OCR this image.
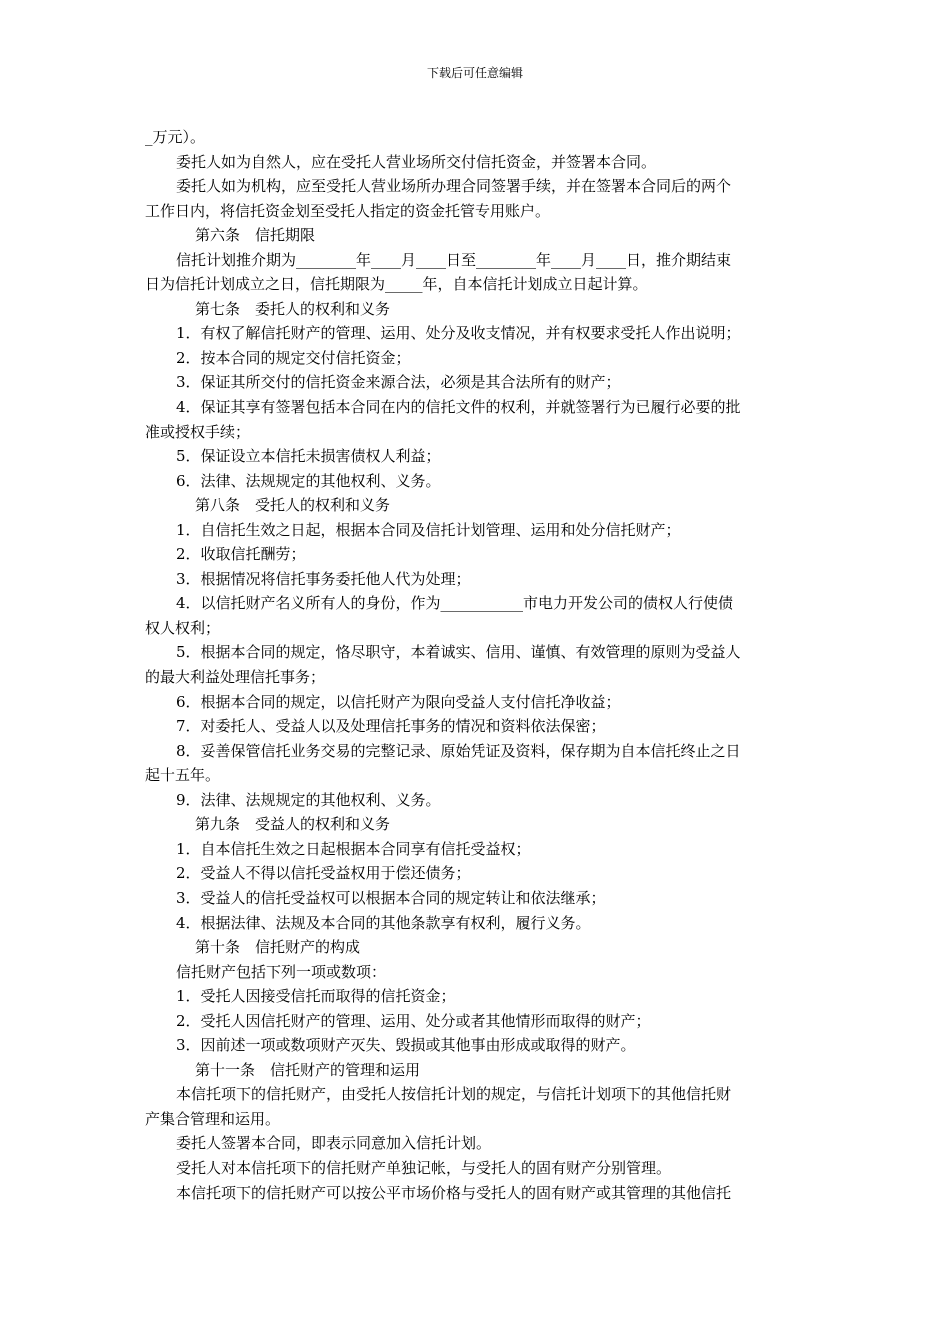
下载后可任意编辑
_万元）。
委托人如为自然人，应在受托人营业场所交付信托资金，并签署本合同。
委托人如为机构，应至受托人营业场所办理合同签署手续，并在签署本合同后的两个
工作日内，将信托资金划至受托人指定的资金托管专用账户。
第六条　信托期限
信托计划推介期为________年____月____日至________年____月____日，推介期结束
日为信托计划成立之日，信托期限为_____年，自本信托计划成立日起计算。
第七条　委托人的权利和义务
1．有权了解信托财产的管理、运用、处分及收支情况，并有权要求受托人作出说明；
2．按本合同的规定交付信托资金；
3．保证其所交付的信托资金来源合法，必须是其合法所有的财产；
4．保证其享有签署包括本合同在内的信托文件的权利，并就签署行为已履行必要的批
准或授权手续；
5．保证设立本信托未损害债权人利益；
6．法律、法规规定的其他权利、义务。
第八条　受托人的权利和义务
1．自信托生效之日起，根据本合同及信托计划管理、运用和处分信托财产；
2．收取信托酬劳；
3．根据情况将信托事务委托他人代为处理；
4．以信托财产名义所有人的身份，作为___________市电力开发公司的债权人行使债
权人权利；
5．根据本合同的规定，恪尽职守，本着诚实、信用、谨慎、有效管理的原则为受益人
的最大利益处理信托事务；
6．根据本合同的规定，以信托财产为限向受益人支付信托净收益；
7．对委托人、受益人以及处理信托事务的情况和资料依法保密；
8．妥善保管信托业务交易的完整记录、原始凭证及资料，保存期为自本信托终止之日
起十五年。
9．法律、法规规定的其他权利、义务。
第九条　受益人的权利和义务
1．自本信托生效之日起根据本合同享有信托受益权；
2．受益人不得以信托受益权用于偿还债务；
3．受益人的信托受益权可以根据本合同的规定转让和依法继承；
4．根据法律、法规及本合同的其他条款享有权利，履行义务。
第十条　信托财产的构成
信托财产包括下列一项或数项：
1．受托人因接受信托而取得的信托资金；
2．受托人因信托财产的管理、运用、处分或者其他情形而取得的财产；
3．因前述一项或数项财产灭失、毁损或其他事由形成或取得的财产。
第十一条　信托财产的管理和运用
本信托项下的信托财产，由受托人按信托计划的规定，与信托计划项下的其他信托财
产集合管理和运用。
委托人签署本合同，即表示同意加入信托计划。
受托人对本信托项下的信托财产单独记帐，与受托人的固有财产分别管理。
本信托项下的信托财产可以按公平市场价格与受托人的固有财产或其管理的其他信托
